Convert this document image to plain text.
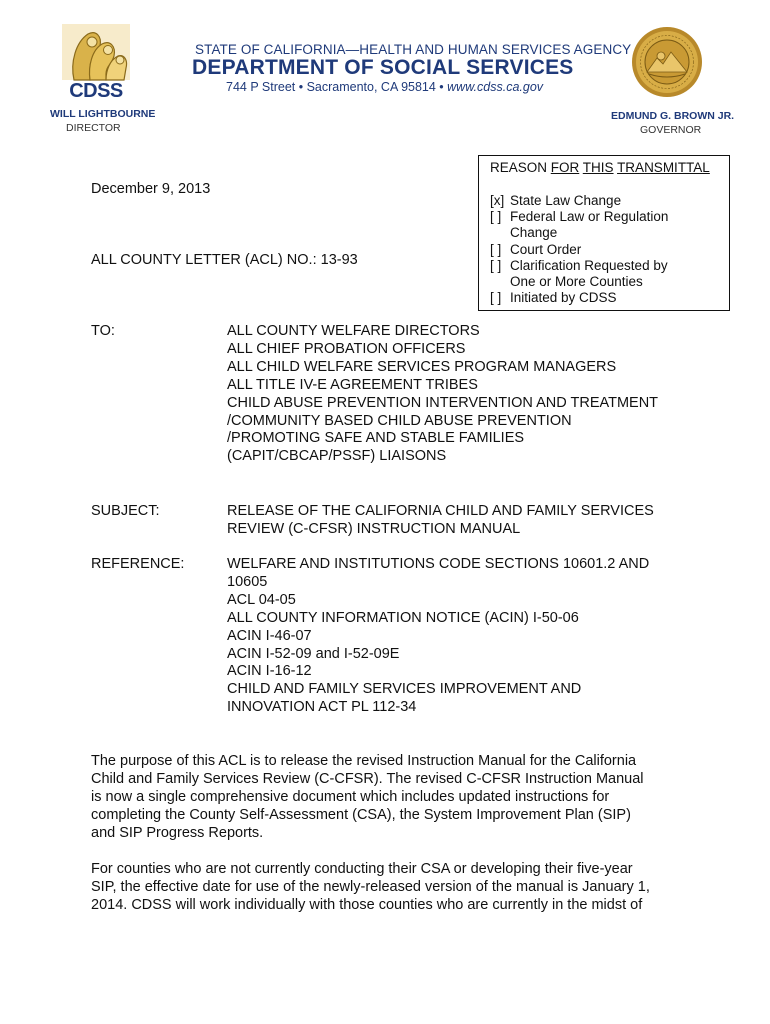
CDSS
STATE OF CALIFORNIA—HEALTH AND HUMAN SERVICES AGENCY
DEPARTMENT OF SOCIAL SERVICES
744 P Street • Sacramento, CA 95814 • www.cdss.ca.gov
WILL LIGHTBOURNE
DIRECTOR
EDMUND G. BROWN JR.
GOVERNOR
REASON FOR THIS TRANSMITTAL
[x] State Law Change
[ ] Federal Law or Regulation
Change
[ ] Court Order
[ ] Clarification Requested by
One or More Counties
[ ] Initiated by CDSS
December 9, 2013
ALL COUNTY LETTER (ACL) NO.: 13-93
TO:	ALL COUNTY WELFARE DIRECTORS
ALL CHIEF PROBATION OFFICERS
ALL CHILD WELFARE SERVICES PROGRAM MANAGERS
ALL TITLE IV-E AGREEMENT TRIBES
CHILD ABUSE PREVENTION INTERVENTION AND TREATMENT
/COMMUNITY BASED CHILD ABUSE PREVENTION
/PROMOTING SAFE AND STABLE FAMILIES
(CAPIT/CBCAP/PSSF) LIAISONS
SUBJECT:	RELEASE OF THE CALIFORNIA CHILD AND FAMILY SERVICES
REVIEW (C-CFSR) INSTRUCTION MANUAL
REFERENCE:	WELFARE AND INSTITUTIONS CODE SECTIONS 10601.2 AND
10605
ACL 04-05
ALL COUNTY INFORMATION NOTICE (ACIN) I-50-06
ACIN I-46-07
ACIN I-52-09 and I-52-09E
ACIN I-16-12
CHILD AND FAMILY SERVICES IMPROVEMENT AND
INNOVATION ACT PL 112-34
The purpose of this ACL is to release the revised Instruction Manual for the California
Child and Family Services Review (C-CFSR). The revised C-CFSR Instruction Manual
is now a single comprehensive document which includes updated instructions for
completing the County Self-Assessment (CSA), the System Improvement Plan (SIP)
and SIP Progress Reports.
For counties who are not currently conducting their CSA or developing their five-year
SIP, the effective date for use of the newly-released version of the manual is January 1,
2014. CDSS will work individually with those counties who are currently in the midst of
